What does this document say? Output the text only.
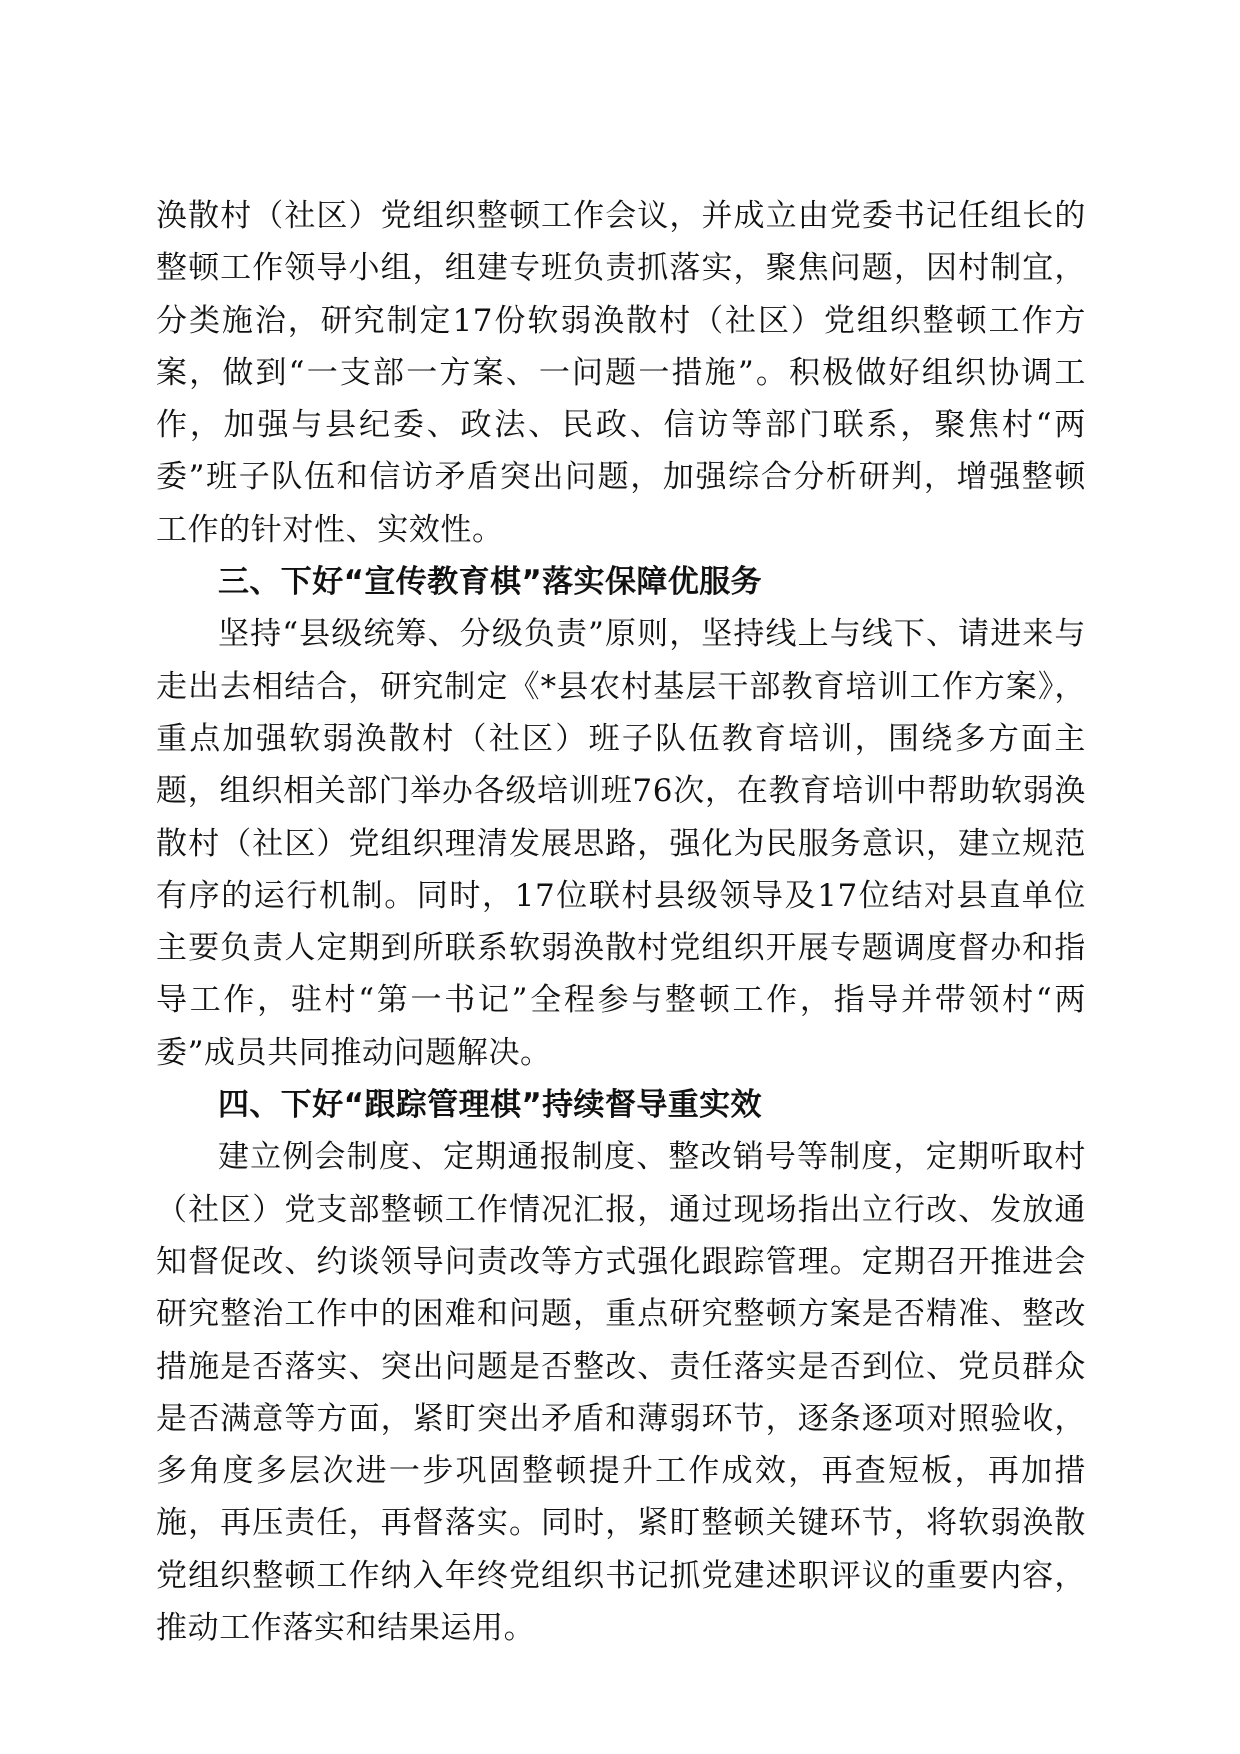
涣散村（社区）党组织整顿工作会议，并成立由党委书记任组长的整顿工作领导小组，组建专班负责抓落实，聚焦问题，因村制宜，分类施治，研究制定17份软弱涣散村（社区）党组织整顿工作方案，做到“一支部一方案、一问题一措施”。积极做好组织协调工作，加强与县纪委、政法、民政、信访等部门联系，聚焦村“两委”班子队伍和信访矛盾突出问题，加强综合分析研判，增强整顿工作的针对性、实效性。

三、下好“宣传教育棋”落实保障优服务

坚持“县级统筹、分级负责”原则，坚持线上与线下、请进来与走出去相结合，研究制定《*县农村基层干部教育培训工作方案》，重点加强软弱涣散村（社区）班子队伍教育培训，围绕多方面主题，组织相关部门举办各级培训班76次，在教育培训中帮助软弱涣散村（社区）党组织理清发展思路，强化为民服务意识，建立规范有序的运行机制。同时，17位联村县级领导及17位结对县直单位主要负责人定期到所联系软弱涣散村党组织开展专题调度督办和指导工作，驻村“第一书记”全程参与整顿工作，指导并带领村“两委”成员共同推动问题解决。

四、下好“跟踪管理棋”持续督导重实效

建立例会制度、定期通报制度、整改销号等制度，定期听取村（社区）党支部整顿工作情况汇报，通过现场指出立行改、发放通知督促改、约谈领导问责改等方式强化跟踪管理。定期召开推进会研究整治工作中的困难和问题，重点研究整顿方案是否精准、整改措施是否落实、突出问题是否整改、责任落实是否到位、党员群众是否满意等方面，紧盯突出矛盾和薄弱环节，逐条逐项对照验收，多角度多层次进一步巩固整顿提升工作成效，再查短板，再加措施，再压责任，再督落实。同时，紧盯整顿关键环节，将软弱涣散党组织整顿工作纳入年终党组织书记抓党建述职评议的重要内容，推动工作落实和结果运用。
